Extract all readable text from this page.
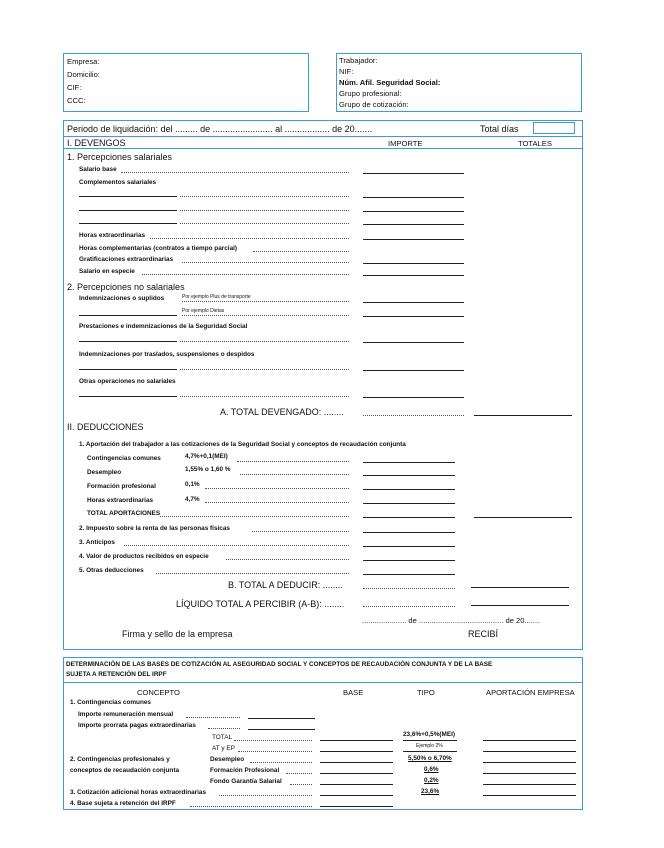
Empresa:
Domicilio:
CIF:
CCC:
Trabajador:
NIF:
Núm. Afil. Seguridad Social:
Grupo profesional:
Grupo de cotización:
Periodo de liquidación: del ......... de ........................ al .................. de 20.......	Total días
I. DEVENGOS	IMPORTE	TOTALES
1. Percepciones salariales
Salario base
Complementos salariales
Horas extraordinarias
Horas complementarias (contratos a tiempo parcial)
Gratificaciones extraordinarias
Salario en especie
2. Percepciones no salariales
Indemnizaciones o suplidos	Por ejemplo Plus de transporte
Por ejemplo Dietas
Prestaciones e indemnizaciones de la Seguridad Social
Indemnizaciones por traslados, suspensiones o despidos
Otras operaciones no salariales
A. TOTAL DEVENGADO: ........
II. DEDUCCIONES
1. Aportación del trabajador a las cotizaciones de la Seguridad Social y conceptos de recaudación conjunta
Contingencias comunes	4,7%+0,1(MEI)
Desempleo	1,55% o 1,60 %
Formación profesional	0,1%
Horas extraordinarias	4,7%
TOTAL APORTACIONES
2. Impuesto sobre la renta de las personas físicas
3. Anticipos
4. Valor de productos recibidos en especie
5. Otras deducciones
B. TOTAL A DEDUCIR: ........
LÍQUIDO TOTAL A PERCIBIR (A-B): ........
..................... de ........................................ de 20.......
Firma y sello de la empresa	RECIBÍ
DETERMINACIÓN DE LAS BASES DE COTIZACIÓN AL ASEGURIDAD SOCIAL Y CONCEPTOS DE RECAUDACIÓN CONJUNTA Y DE LA BASE
SUJETA A RETENCIÓN DEL IRPF
CONCEPTO	BASE	TIPO	APORTACIÓN EMPRESA
1. Contingencias comunes
Importe remuneración mensual
Importe prorrata pagas extraordinarias
TOTAL	23,6%+0,5%(MEI)
AT y EP	Ejemplo 2%
2. Contingencias profesionales y
conceptos de recaudación conjunta
Desempleo	5,50% o 6,70%
Formación Profesional	0,6%
Fondo Garantía Salarial	0,2%
3. Cotización adicional horas extraordinarias	23,6%
4. Base sujeta a retención del IRPF
